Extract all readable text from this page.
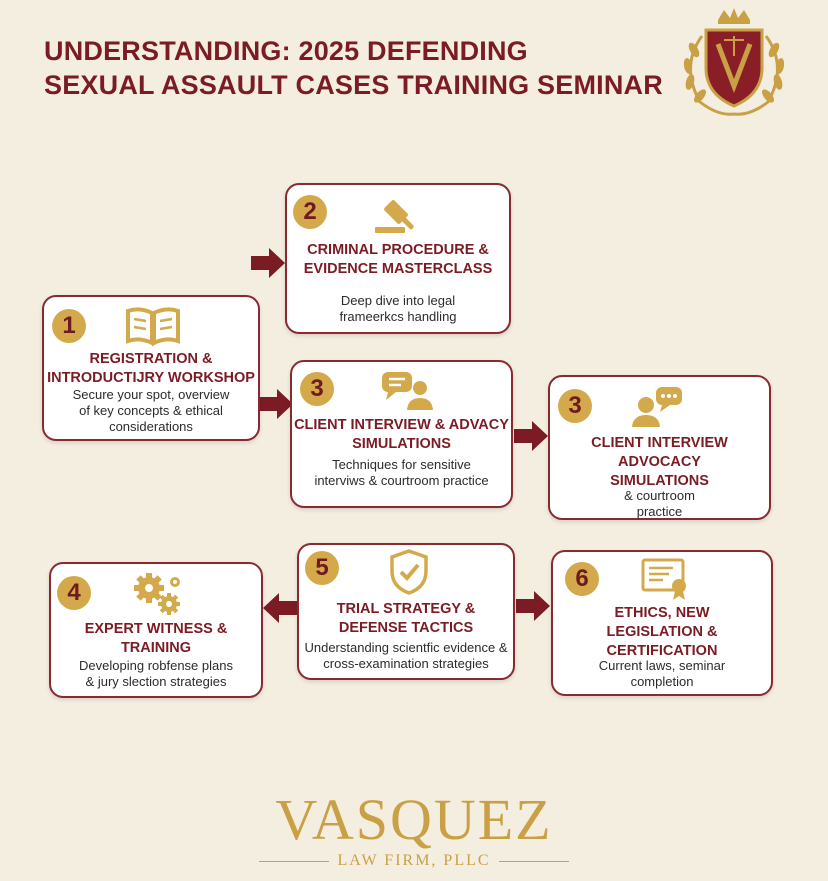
UNDERSTANDING: 2025 DEFENDING
SEXUAL ASSAULT CASES TRAINING SEMINAR
2
CRIMINAL PROCEDURE &
EVIDENCE MASTERCLASS
Deep dive into legal
frameerkcs handling
1
REGISTRATION &
INTRODUCTIJRY WORKSHOP
Secure your spot, overview
of key concepts & ethical
considerations
3
CLIENT INTERVIEW & ADVACY
SIMULATIONS
Techniques for sensitive
interviws & courtroom practice
3
CLIENT INTERVIEW
ADVOCACY
SIMULATIONS
& courtroom
practice
4
EXPERT WITNESS &
TRAINING
Developing robfense plans
& jury slection strategies
5
TRIAL STRATEGY &
DEFENSE TACTICS
Understanding scientfic evidence &
cross-examination strategies
6
ETHICS, NEW
LEGISLATION &
CERTIFICATION
Current laws, seminar
completion
VASQUEZ
LAW FIRM, PLLC
